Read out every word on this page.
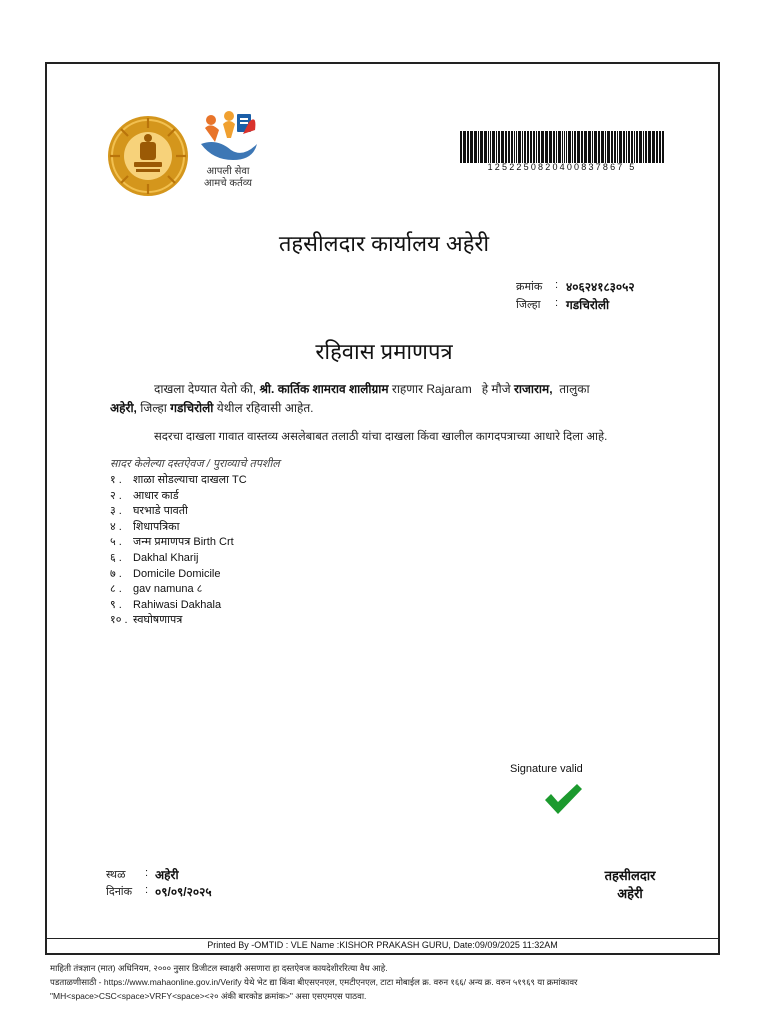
आपली सेवा
आमचे कर्तव्य
1252250820400837867 5
तहसीलदार कार्यालय अहेरी
क्रमांक : ४०६२४१८३०५२
जिल्हा : गडचिरोली
रहिवास प्रमाणपत्र
दाखला देण्यात येतो की, श्री. कार्तिक शामराव शालीग्राम राहणार Rajaram हे मौजे राजाराम, तालुका
अहेरी, जिल्हा गडचिरोली येथील रहिवासी आहेत.
सदरचा दाखला गावात वास्तव्य असलेबाबत तलाठी यांचा दाखला किंवा खालील कागदपत्राच्या आधारे दिला आहे.
सादर केलेल्या दस्तऐवज / पुराव्याचे तपशील
१ . शाळा सोडल्याचा दाखला TC
२ . आधार कार्ड
३ . घरभाडे पावती
४ . शिधापत्रिका
५ . जन्म प्रमाणपत्र Birth Crt
६ . Dakhal Kharij
७ . Domicile Domicile
८ . gav namuna ८
९ . Rahiwasi Dakhala
१० . स्वघोषणापत्र
Signature valid
स्थळ : अहेरी
दिनांक : ०९/०९/२०२५
तहसीलदार
अहेरी
Printed By -OMTID : VLE Name :KISHOR PRAKASH GURU, Date:09/09/2025 11:32AM
माहिती तंत्रज्ञान (मात) अधिनियम, २००० नुसार डिजीटल स्वाक्षरी असणारा हा दस्तऐवज कायदेशीररित्या वैध आहे.
पडताळणीसाठी - https://www.mahaonline.gov.in/Verify येथे भेट द्या किंवा बीएसएनएल, एमटीएनएल, टाटा मोबाईल क्र. वरुन १६६/ अन्य क्र. वरुन ५१९६९ या क्रमांकावर
"MH<space>CSC<space>VRFY<space><२० अंकी बारकोड क्रमांक>" असा एसएमएस पाठवा.
